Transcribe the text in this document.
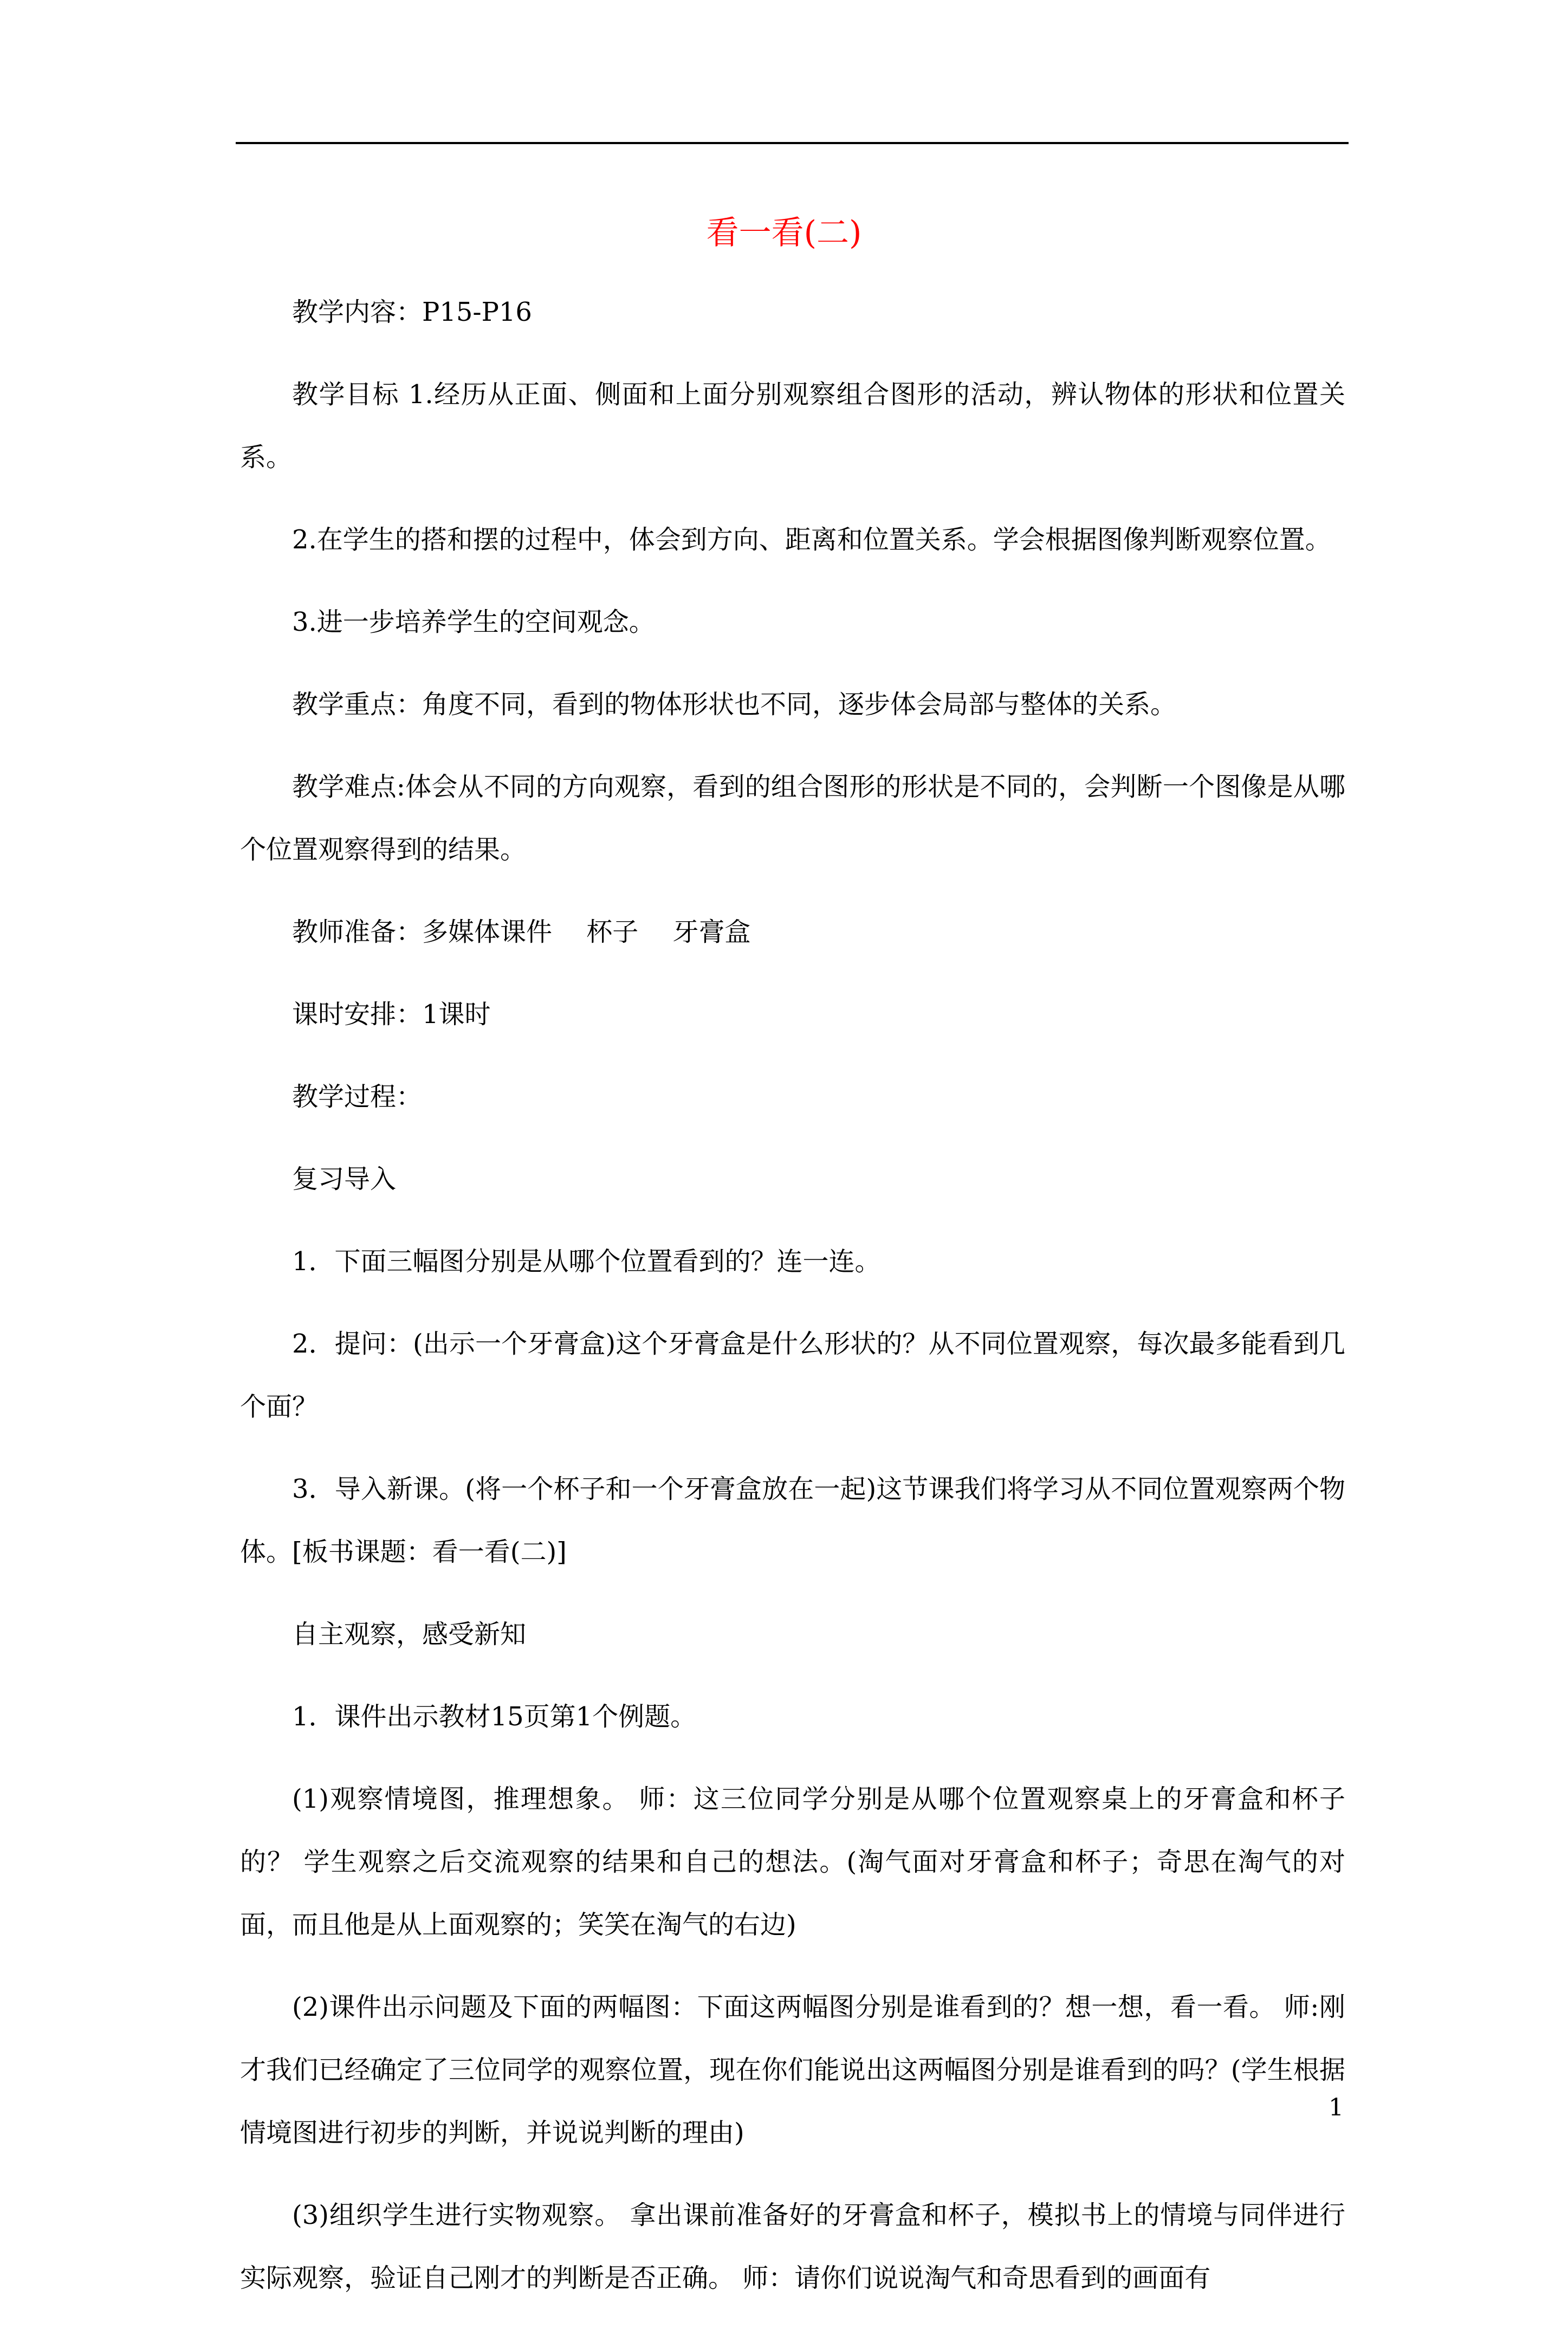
看一看(二)

教学内容：P15-P16

教学目标 1.经历从正面、侧面和上面分别观察组合图形的活动，辨认物体的形状和位置关系。

2.在学生的搭和摆的过程中，体会到方向、距离和位置关系。学会根据图像判断观察位置。

3.进一步培养学生的空间观念。

教学重点：角度不同，看到的物体形状也不同，逐步体会局部与整体的关系。

教学难点:体会从不同的方向观察，看到的组合图形的形状是不同的，会判断一个图像是从哪个位置观察得到的结果。

教师准备：多媒体课件　 杯子　 牙膏盒

课时安排：1课时

教学过程：

复习导入

1．下面三幅图分别是从哪个位置看到的？连一连。

2．提问：(出示一个牙膏盒)这个牙膏盒是什么形状的？从不同位置观察，每次最多能看到几个面？

3．导入新课。(将一个杯子和一个牙膏盒放在一起)这节课我们将学习从不同位置观察两个物体。[板书课题：看一看(二)]

自主观察，感受新知

1．课件出示教材15页第1个例题。

(1)观察情境图，推理想象。 师：这三位同学分别是从哪个位置观察桌上的牙膏盒和杯子的？ 学生观察之后交流观察的结果和自己的想法。(淘气面对牙膏盒和杯子；奇思在淘气的对面，而且他是从上面观察的；笑笑在淘气的右边)

(2)课件出示问题及下面的两幅图：下面这两幅图分别是谁看到的？想一想，看一看。 师:刚才我们已经确定了三位同学的观察位置，现在你们能说出这两幅图分别是谁看到的吗？(学生根据情境图进行初步的判断，并说说判断的理由)

(3)组织学生进行实物观察。 拿出课前准备好的牙膏盒和杯子，模拟书上的情境与同伴进行实际观察，验证自己刚才的判断是否正确。 师：请你们说说淘气和奇思看到的画面有

1
